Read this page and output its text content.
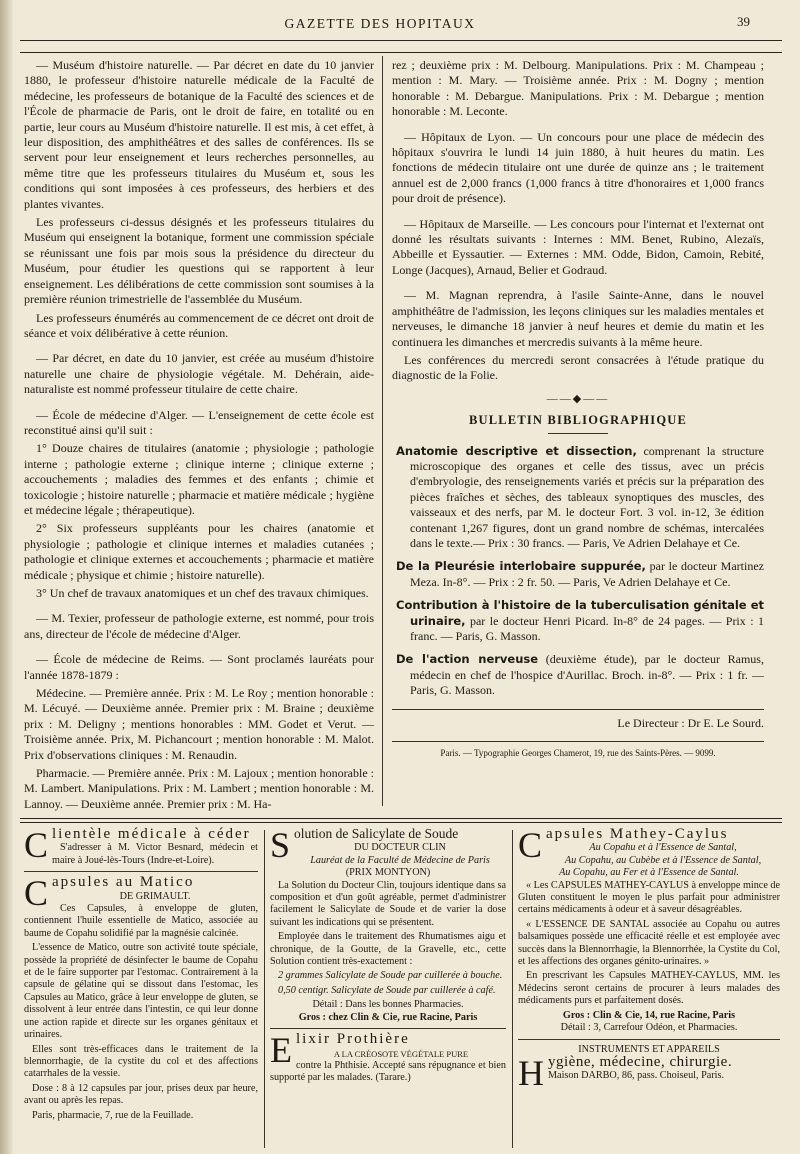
GAZETTE DES HOPITAUX	39

— Muséum d'histoire naturelle. — Par décret en date du 10 janvier 1880, le professeur d'histoire naturelle médicale de la Faculté de médecine, les professeurs de botanique de la Faculté des sciences et de l'École de pharmacie de Paris, ont le droit de faire, en totalité ou en partie, leur cours au Muséum d'histoire naturelle. Il est mis, à cet effet, à leur disposition, des amphithéâtres et des salles de conférences. Ils se servent pour leur enseignement et leurs recherches personnelles, au même titre que les professeurs titulaires du Muséum et, sous les conditions qui sont imposées à ces professeurs, des herbiers et des plantes vivantes.

Les professeurs ci-dessus désignés et les professeurs titulaires du Muséum qui enseignent la botanique, forment une commission spéciale se réunissant une fois par mois sous la présidence du directeur du Muséum, pour étudier les questions qui se rapportent à leur enseignement. Les délibérations de cette commission sont soumises à la première réunion trimestrielle de l'assemblée du Muséum.

Les professeurs énumérés au commencement de ce décret ont droit de séance et voix délibérative à cette réunion.

— Par décret, en date du 10 janvier, est créée au muséum d'histoire naturelle une chaire de physiologie végétale. M. Dehérain, aide-naturaliste est nommé professeur titulaire de cette chaire.

— École de médecine d'Alger. — L'enseignement de cette école est reconstitué ainsi qu'il suit :

1° Douze chaires de titulaires (anatomie ; physiologie ; pathologie interne ; pathologie externe ; clinique interne ; clinique externe ; accouchements ; maladies des femmes et des enfants ; chimie et toxicologie ; histoire naturelle ; pharmacie et matière médicale ; hygiène et médecine légale ; thérapeutique).

2° Six professeurs suppléants pour les chaires (anatomie et physiologie ; pathologie et clinique internes et maladies cutanées ; pathologie et clinique externes et accouchements ; pharmacie et matière médicale ; physique et chimie ; histoire naturelle).

3° Un chef de travaux anatomiques et un chef des travaux chimiques.

— M. Texier, professeur de pathologie externe, est nommé, pour trois ans, directeur de l'école de médecine d'Alger.

— École de médecine de Reims. — Sont proclamés lauréats pour l'année 1878-1879 :

Médecine. — Première année. Prix : M. Le Roy ; mention honorable : M. Lécuyé. — Deuxième année. Premier prix : M. Braine ; deuxième prix : M. Deligny ; mentions honorables : MM. Godet et Verut. — Troisième année. Prix, M. Pichancourt ; mention honorable : M. Malot. Prix d'observations cliniques : M. Renaudin.

Pharmacie. — Première année. Prix : M. Lajoux ; mention honorable : M. Lambert. Manipulations. Prix : M. Lambert ; mention honorable : M. Lannoy. — Deuxième année. Premier prix : M. Ha-

rez ; deuxième prix : M. Delbourg. Manipulations. Prix : M. Champeau ; mention : M. Mary. — Troisième année. Prix : M. Dogny ; mention honorable : M. Debargue. Manipulations. Prix : M. Debargue ; mention honorable : M. Leconte.

— Hôpitaux de Lyon. — Un concours pour une place de médecin des hôpitaux s'ouvrira le lundi 14 juin 1880, à huit heures du matin. Les fonctions de médecin titulaire ont une durée de quinze ans ; le traitement annuel est de 2,000 francs (1,000 francs à titre d'honoraires et 1,000 francs pour droit de présence).

— Hôpitaux de Marseille. — Les concours pour l'internat et l'externat ont donné les résultats suivants : Internes : MM. Benet, Rubino, Alezaïs, Abbeille et Eyssautier. — Externes : MM. Odde, Bidon, Camoin, Rebité, Longe (Jacques), Arnaud, Belier et Godraud.

— M. Magnan reprendra, à l'asile Sainte-Anne, dans le nouvel amphithéâtre de l'admission, les leçons cliniques sur les maladies mentales et nerveuses, le dimanche 18 janvier à neuf heures et demie du matin et les continuera les dimanches et mercredis suivants à la même heure.

Les conférences du mercredi seront consacrées à l'étude pratique du diagnostic de la Folie.

——◆——
BULLETIN BIBLIOGRAPHIQUE
Anatomie descriptive et dissection, comprenant la structure microscopique des organes et celle des tissus, avec un précis d'embryologie, des renseignements variés et précis sur la préparation des pièces fraîches et sèches, des tableaux synoptiques des muscles, des vaisseaux et des nerfs, par M. le docteur Fort. 3 vol. in-12, 3e édition contenant 1,267 figures, dont un grand nombre de schémas, intercalées dans le texte.— Prix : 30 francs. — Paris, Ve Adrien Delahaye et Ce.
De la Pleurésie interlobaire suppurée, par le docteur Martinez Meza. In-8°. — Prix : 2 fr. 50. — Paris, Ve Adrien Delahaye et Ce.
Contribution à l'histoire de la tuberculisation génitale et urinaire, par le docteur Henri Picard. In-8° de 24 pages. — Prix : 1 franc. — Paris, G. Masson.
De l'action nerveuse (deuxième étude), par le docteur Ramus, médecin en chef de l'hospice d'Aurillac. Broch. in-8°. — Prix : 1 fr. — Paris, G. Masson.
Le Directeur : Dr E. Le Sourd.
Paris. — Typographie Georges Chamerot, 19, rue des Saints-Pères. — 9099.
C lientèle médicale à céder

S'adresser à M. Victor Besnard, médecin et maire à Joué-lès-Tours (Indre-et-Loire).

C apsules au Matico
DE GRIMAULT.

Ces Capsules, à enveloppe de gluten, contiennent l'huile essentielle de Matico, associée au baume de Copahu solidifié par la magnésie calcinée.

L'essence de Matico, outre son activité toute spéciale, possède la propriété de désinfecter le baume de Copahu et de le faire supporter par l'estomac. Contrairement à la capsule de gélatine qui se dissout dans l'estomac, les Capsules au Matico, grâce à leur enveloppe de gluten, se dissolvent à leur entrée dans l'intestin, ce qui leur donne une action rapide et directe sur les organes génitaux et urinaires.

Elles sont très-efficaces dans le traitement de la blennorrhagie, de la cystite du col et des affections catarrhales de la vessie.

Dose : 8 à 12 capsules par jour, prises deux par heure, avant ou après les repas.

Paris, pharmacie, 7, rue de la Feuillade.

S olution de Salicylate de Soude
DU DOCTEUR CLIN
Lauréat de la Faculté de Médecine de Paris
(PRIX MONTYON)

La Solution du Docteur Clin, toujours identique dans sa composition et d'un goût agréable, permet d'administrer facilement le Salicylate de Soude et de varier la dose suivant les indications qui se présentent.

Employée dans le traitement des Rhumatismes aigu et chronique, de la Goutte, de la Gravelle, etc., cette Solution contient très-exactement :

2 grammes Salicylate de Soude par cuillerée à bouche.

0,50 centigr. Salicylate de Soude par cuillerée à café.

Détail : Dans les bonnes Pharmacies.
Gros : chez Clin & Cie, rue Racine, Paris
E lixir Prothière
A LA CRÉOSOTE VÉGÉTALE PURE

contre la Phthisie. Accepté sans répugnance et bien supporté par les malades. (Tarare.)

C apsules Mathey-Caylus
Au Copahu et à l'Essence de Santal,
Au Copahu, au Cubèbe et à l'Essence de Santal,
Au Copahu, au Fer et à l'Essence de Santal.

« Les CAPSULES MATHEY-CAYLUS à enveloppe mince de Gluten constituent le moyen le plus parfait pour administrer certains médicaments à odeur et à saveur désagréables.

« L'ESSENCE DE SANTAL associée au Copahu ou autres balsamiques possède une efficacité réelle et est employée avec succès dans la Blennorrhagie, la Blennorrhée, la Cystite du Col, et les affections des organes génito-urinaires. »

En prescrivant les Capsules MATHEY-CAYLUS, MM. les Médecins seront certains de procurer à leurs malades des médicaments purs et parfaitement dosés.

Gros : Clin & Cie, 14, rue Racine, Paris
Détail : 3, Carrefour Odéon, et Pharmacies.
INSTRUMENTS ET APPAREILS
H ygiène, médecine, chirurgie.
Maison DARBO, 86, pass. Choiseul, Paris.
